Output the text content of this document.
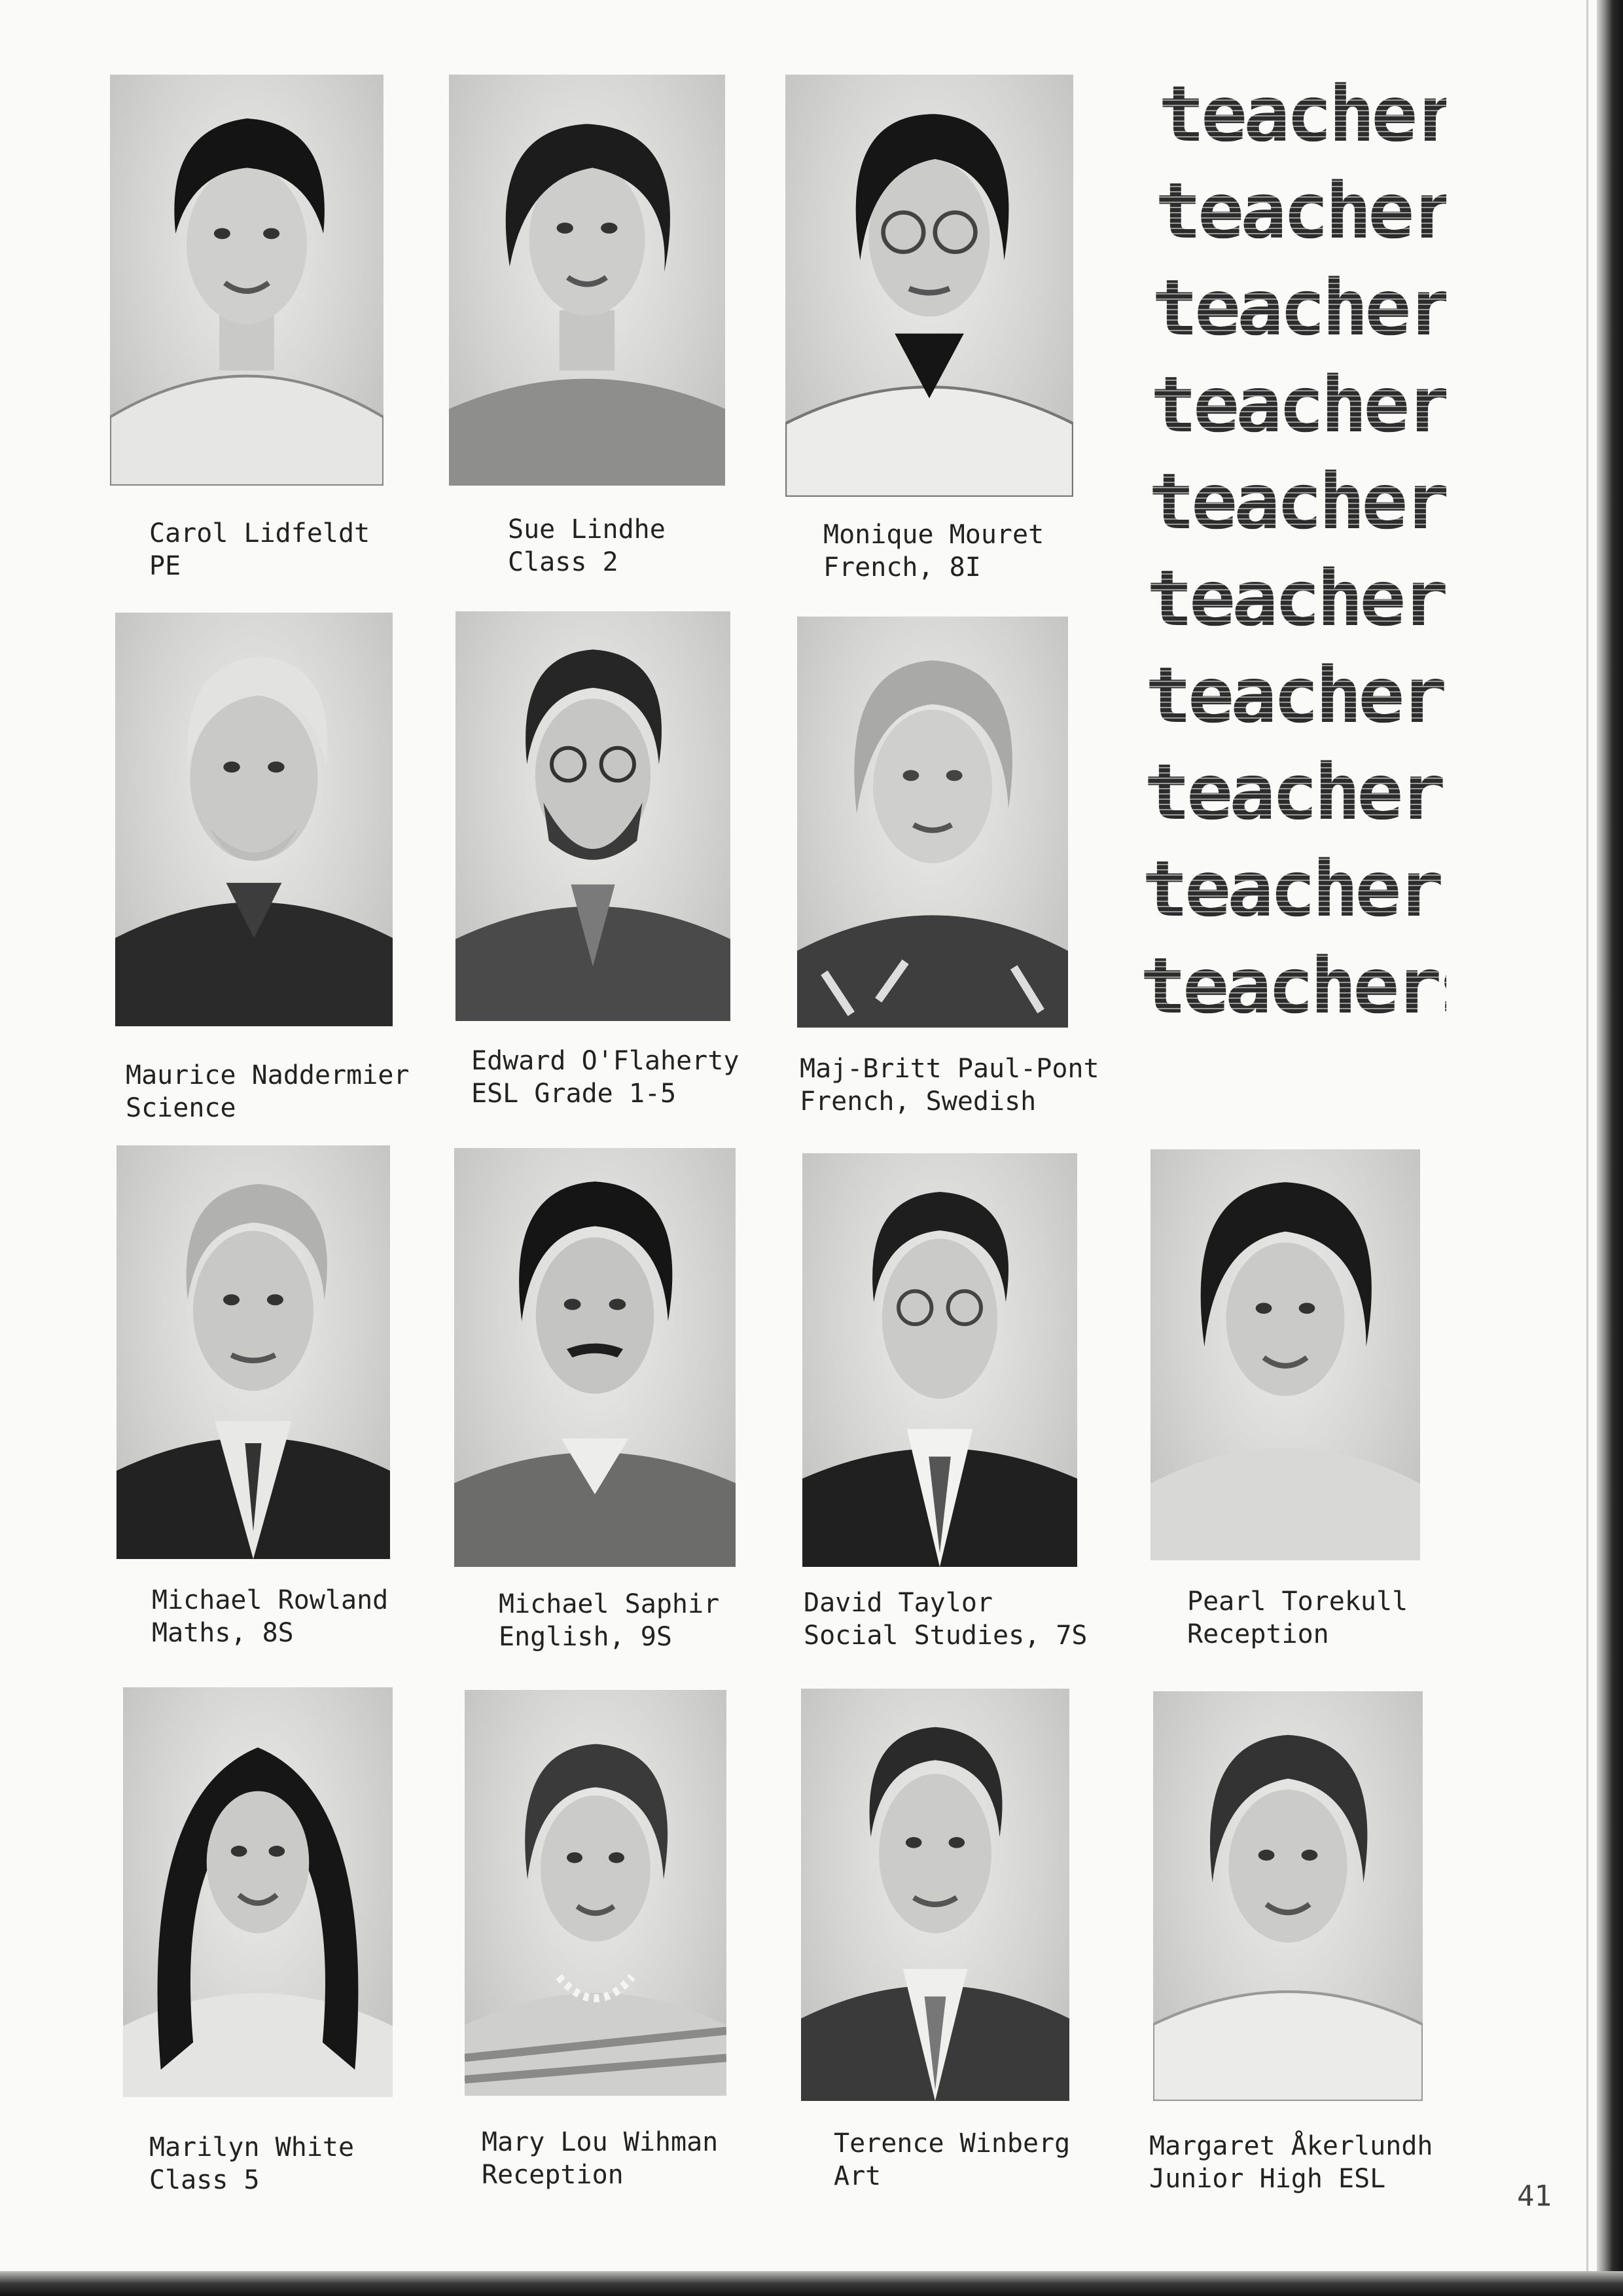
Carol Lidfeldt
PE
Sue Lindhe
Class 2
Monique Mouret
French, 8I
Maurice Naddermier
Science
Edward O'Flaherty
ESL Grade 1-5
Maj-Britt Paul-Pont
French, Swedish
Michael Rowland
Maths, 8S
Michael Saphir
English, 9S
David Taylor
Social Studies, 7S
Pearl Torekull
Reception
Marilyn White
Class 5
Mary Lou Wihman
Reception
Terence Winberg
Art
Margaret Åkerlundh
Junior High ESL
teachers
teachers
teachers
teachers
teachers
teachers
teachers
teachers
teachers
teachers
41
